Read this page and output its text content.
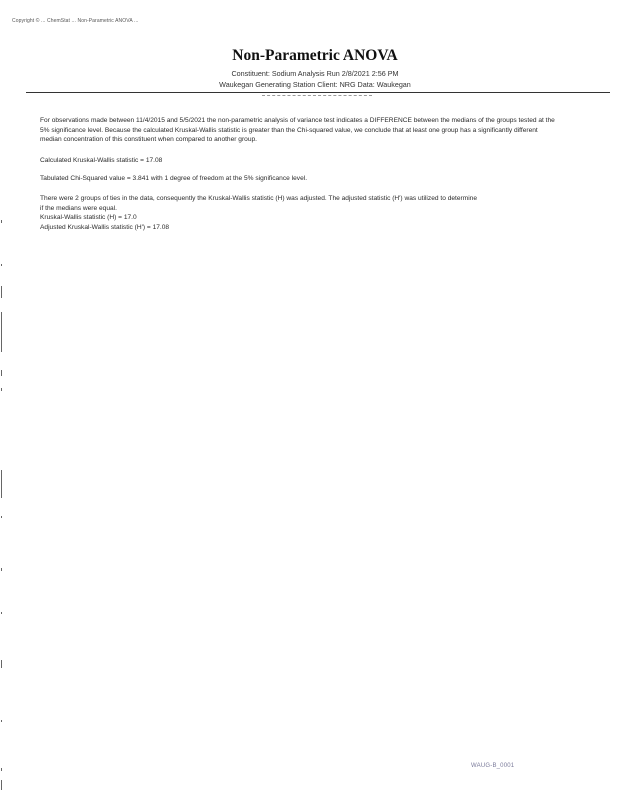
Copyright © ... ChemStat ... Non-Parametric ANOVA ...
Non-Parametric ANOVA
Constituent: Sodium Analysis Run 2/8/2021 2:56 PM
Waukegan Generating Station Client: NRG Data: Waukegan
For observations made between 11/4/2015 and 5/5/2021 the non-parametric analysis of variance test indicates a DIFFERENCE between the medians of the groups tested at the 5% significance level. Because the calculated Kruskal-Wallis statistic is greater than the Chi-squared value, we conclude that at least one group has a significantly different median concentration of this constituent when compared to another group.
Calculated Kruskal-Wallis statistic = 17.08
Tabulated Chi-Squared value = 3.841 with 1 degree of freedom at the 5% significance level.
There were 2 groups of ties in the data, consequently the Kruskal-Wallis statistic (H) was adjusted. The adjusted statistic (H') was utilized to determine
if the medians were equal.
Kruskal-Wallis statistic (H) = 17.0
Adjusted Kruskal-Wallis statistic (H') = 17.08
WAUG-B_0001
